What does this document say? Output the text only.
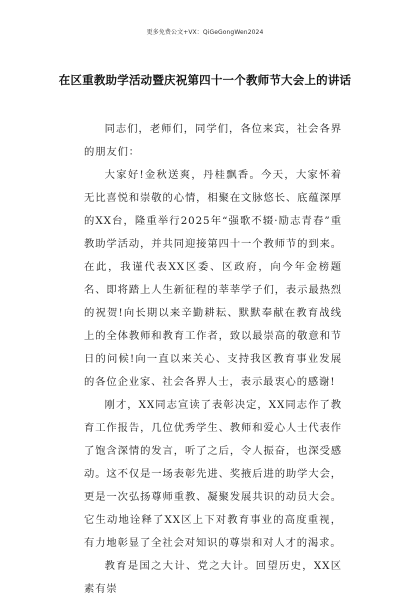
更多免费公文+VX：QiGeGongWen2024
在区重教助学活动暨庆祝第四十一个教师节大会上的讲话

同志们，老师们，同学们，各位来宾，社会各界的朋友们：

大家好!金秋送爽，丹桂飘香。今天，大家怀着无比喜悦和崇敬的心情，相聚在文脉悠长、底蕴深厚的XX台，隆重举行2025年“强歌不辍·励志青春”重教助学活动，并共同迎接第四十一个教师节的到来。在此，我谨代表XX区委、区政府，向今年金榜题名、即将踏上人生新征程的莘莘学子们，表示最热烈的祝贺!向长期以来辛勤耕耘、默默奉献在教育战线上的全体教师和教育工作者，致以最崇高的敬意和节日的问候!向一直以来关心、支持我区教育事业发展的各位企业家、社会各界人士，表示最衷心的感谢!

刚才，XX同志宣读了表彰决定，XX同志作了教育工作报告，几位优秀学生、教师和爱心人士代表作了饱含深情的发言，听了之后，令人振奋，也深受感动。这不仅是一场表彰先进、奖掖后进的助学大会，更是一次弘扬尊师重教、凝聚发展共识的动员大会。它生动地诠释了XX区上下对教育事业的高度重视，有力地彰显了全社会对知识的尊崇和对人才的渴求。

教育是国之大计、党之大计。回望历史，XX区素有崇
